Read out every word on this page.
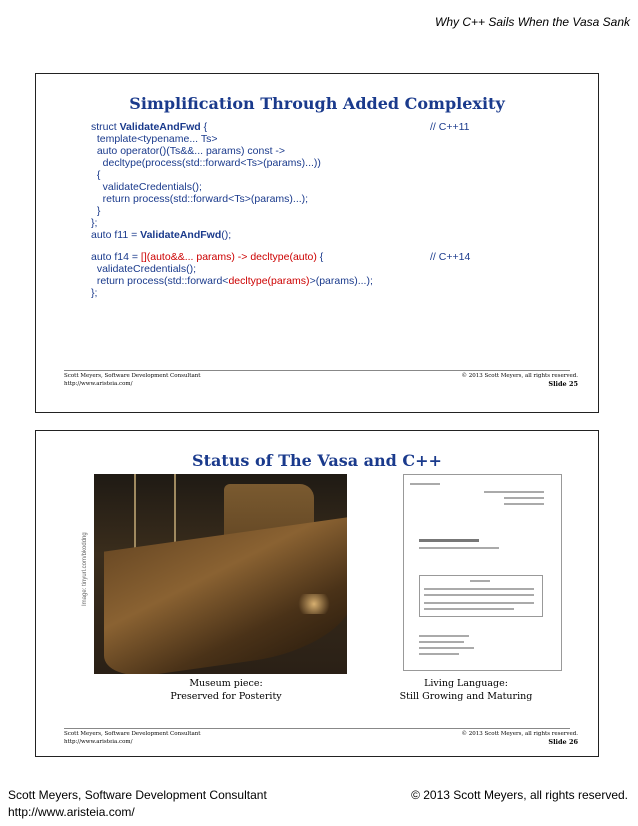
Why C++ Sails When the Vasa Sank
Simplification Through Added Complexity
struct ValidateAndFwd {	// C++11
template<typename... Ts>
auto operator()(Ts&&... params) const ->
decltype(process(std::forward<Ts>(params)...))
{
validateCredentials();
return process(std::forward<Ts>(params)...);
}
};
auto f11 = ValidateAndFwd();
auto f14 = [](auto&&... params) -> decltype(auto) {	// C++14
validateCredentials();
return process(std::forward<decltype(params)>(params)...);
};
Scott Meyers, Software Development Consultant
http://www.aristeia.com/
© 2013 Scott Meyers, all rights reserved.
Slide 25
Status of The Vasa and C++
Image: tinyurl.com/bkoddng
Museum piece:
Preserved for Posterity
Living Language:
Still Growing and Maturing
Scott Meyers, Software Development Consultant
http://www.aristeia.com/
© 2013 Scott Meyers, all rights reserved.
Slide 26
Scott Meyers, Software Development Consultant
http://www.aristeia.com/
© 2013 Scott Meyers, all rights reserved.
